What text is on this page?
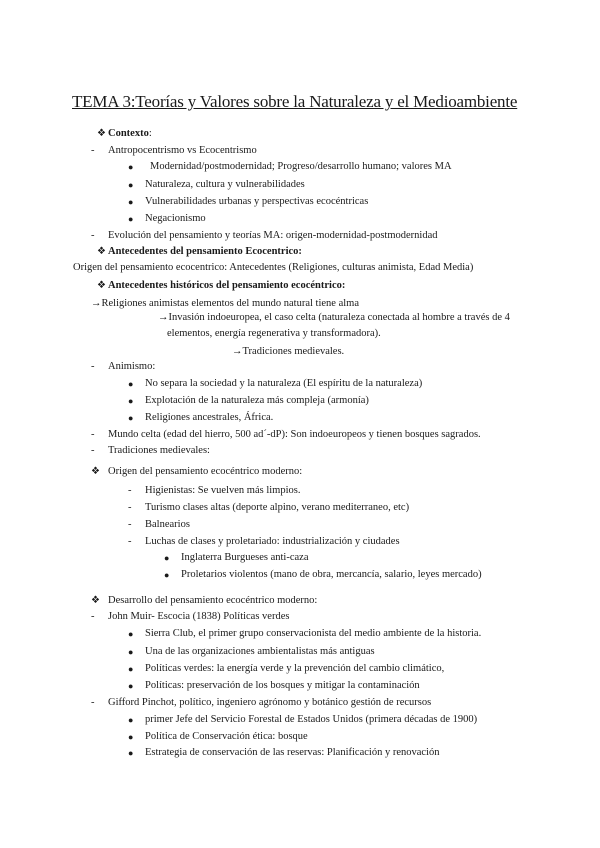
TEMA 3:Teorías y Valores sobre la Naturaleza y el Medioambiente
❖ Contexto:
- Antropocentrismo vs Ecocentrismo
● Modernidad/postmodernidad; Progreso/desarrollo humano; valores MA
● Naturaleza, cultura y vulnerabilidades
● Vulnerabilidades urbanas y perspectivas ecocéntricas
● Negacionismo
- Evolución del pensamiento y teorías MA: origen-modernidad-postmodernidad
❖ Antecedentes del pensamiento Ecocentrico:
Origen del pensamiento ecocentrico: Antecedentes (Religiones, culturas animista, Edad Media)
❖ Antecedentes históricos del pensamiento ecocéntrico:
→Religiones animistas elementos del mundo natural tiene alma
→Invasión indoeuropea, el caso celta (naturaleza conectada al hombre a través de 4
elementos, energía regenerativa y transformadora).
→Tradiciones medievales.
- Animismo:
● No separa la sociedad y la naturaleza (El espíritu de la naturaleza)
● Explotación de la naturaleza más compleja (armonía)
● Religiones ancestrales, África.
- Mundo celta (edad del hierro, 500 ad´-dP): Son indoeuropeos y tienen bosques sagrados.
- Tradiciones medievales:
❖ Origen del pensamiento ecocéntrico moderno:
- Higienistas: Se vuelven más limpios.
- Turismo clases altas (deporte alpino, verano mediterraneo, etc)
- Balnearios
- Luchas de clases y proletariado: industrialización y ciudades
● Inglaterra Burgueses anti-caza
● Proletarios violentos (mano de obra, mercancía, salario, leyes mercado)
❖ Desarrollo del pensamiento ecocéntrico moderno:
- John Muir- Escocia (1838) Políticas verdes
● Sierra Club, el primer grupo conservacionista del medio ambiente de la historia.
● Una de las organizaciones ambientalistas más antiguas
● Políticas verdes: la energía verde y la prevención del cambio climático,
● Políticas: preservación de los bosques y mitigar la contaminación
- Gifford Pinchot, político, ingeniero agrónomo y botánico gestión de recursos
● primer Jefe del Servicio Forestal de Estados Unidos (primera décadas de 1900)
● Política de Conservación ética: bosque
● Estrategia de conservación de las reservas: Planificación y renovación
